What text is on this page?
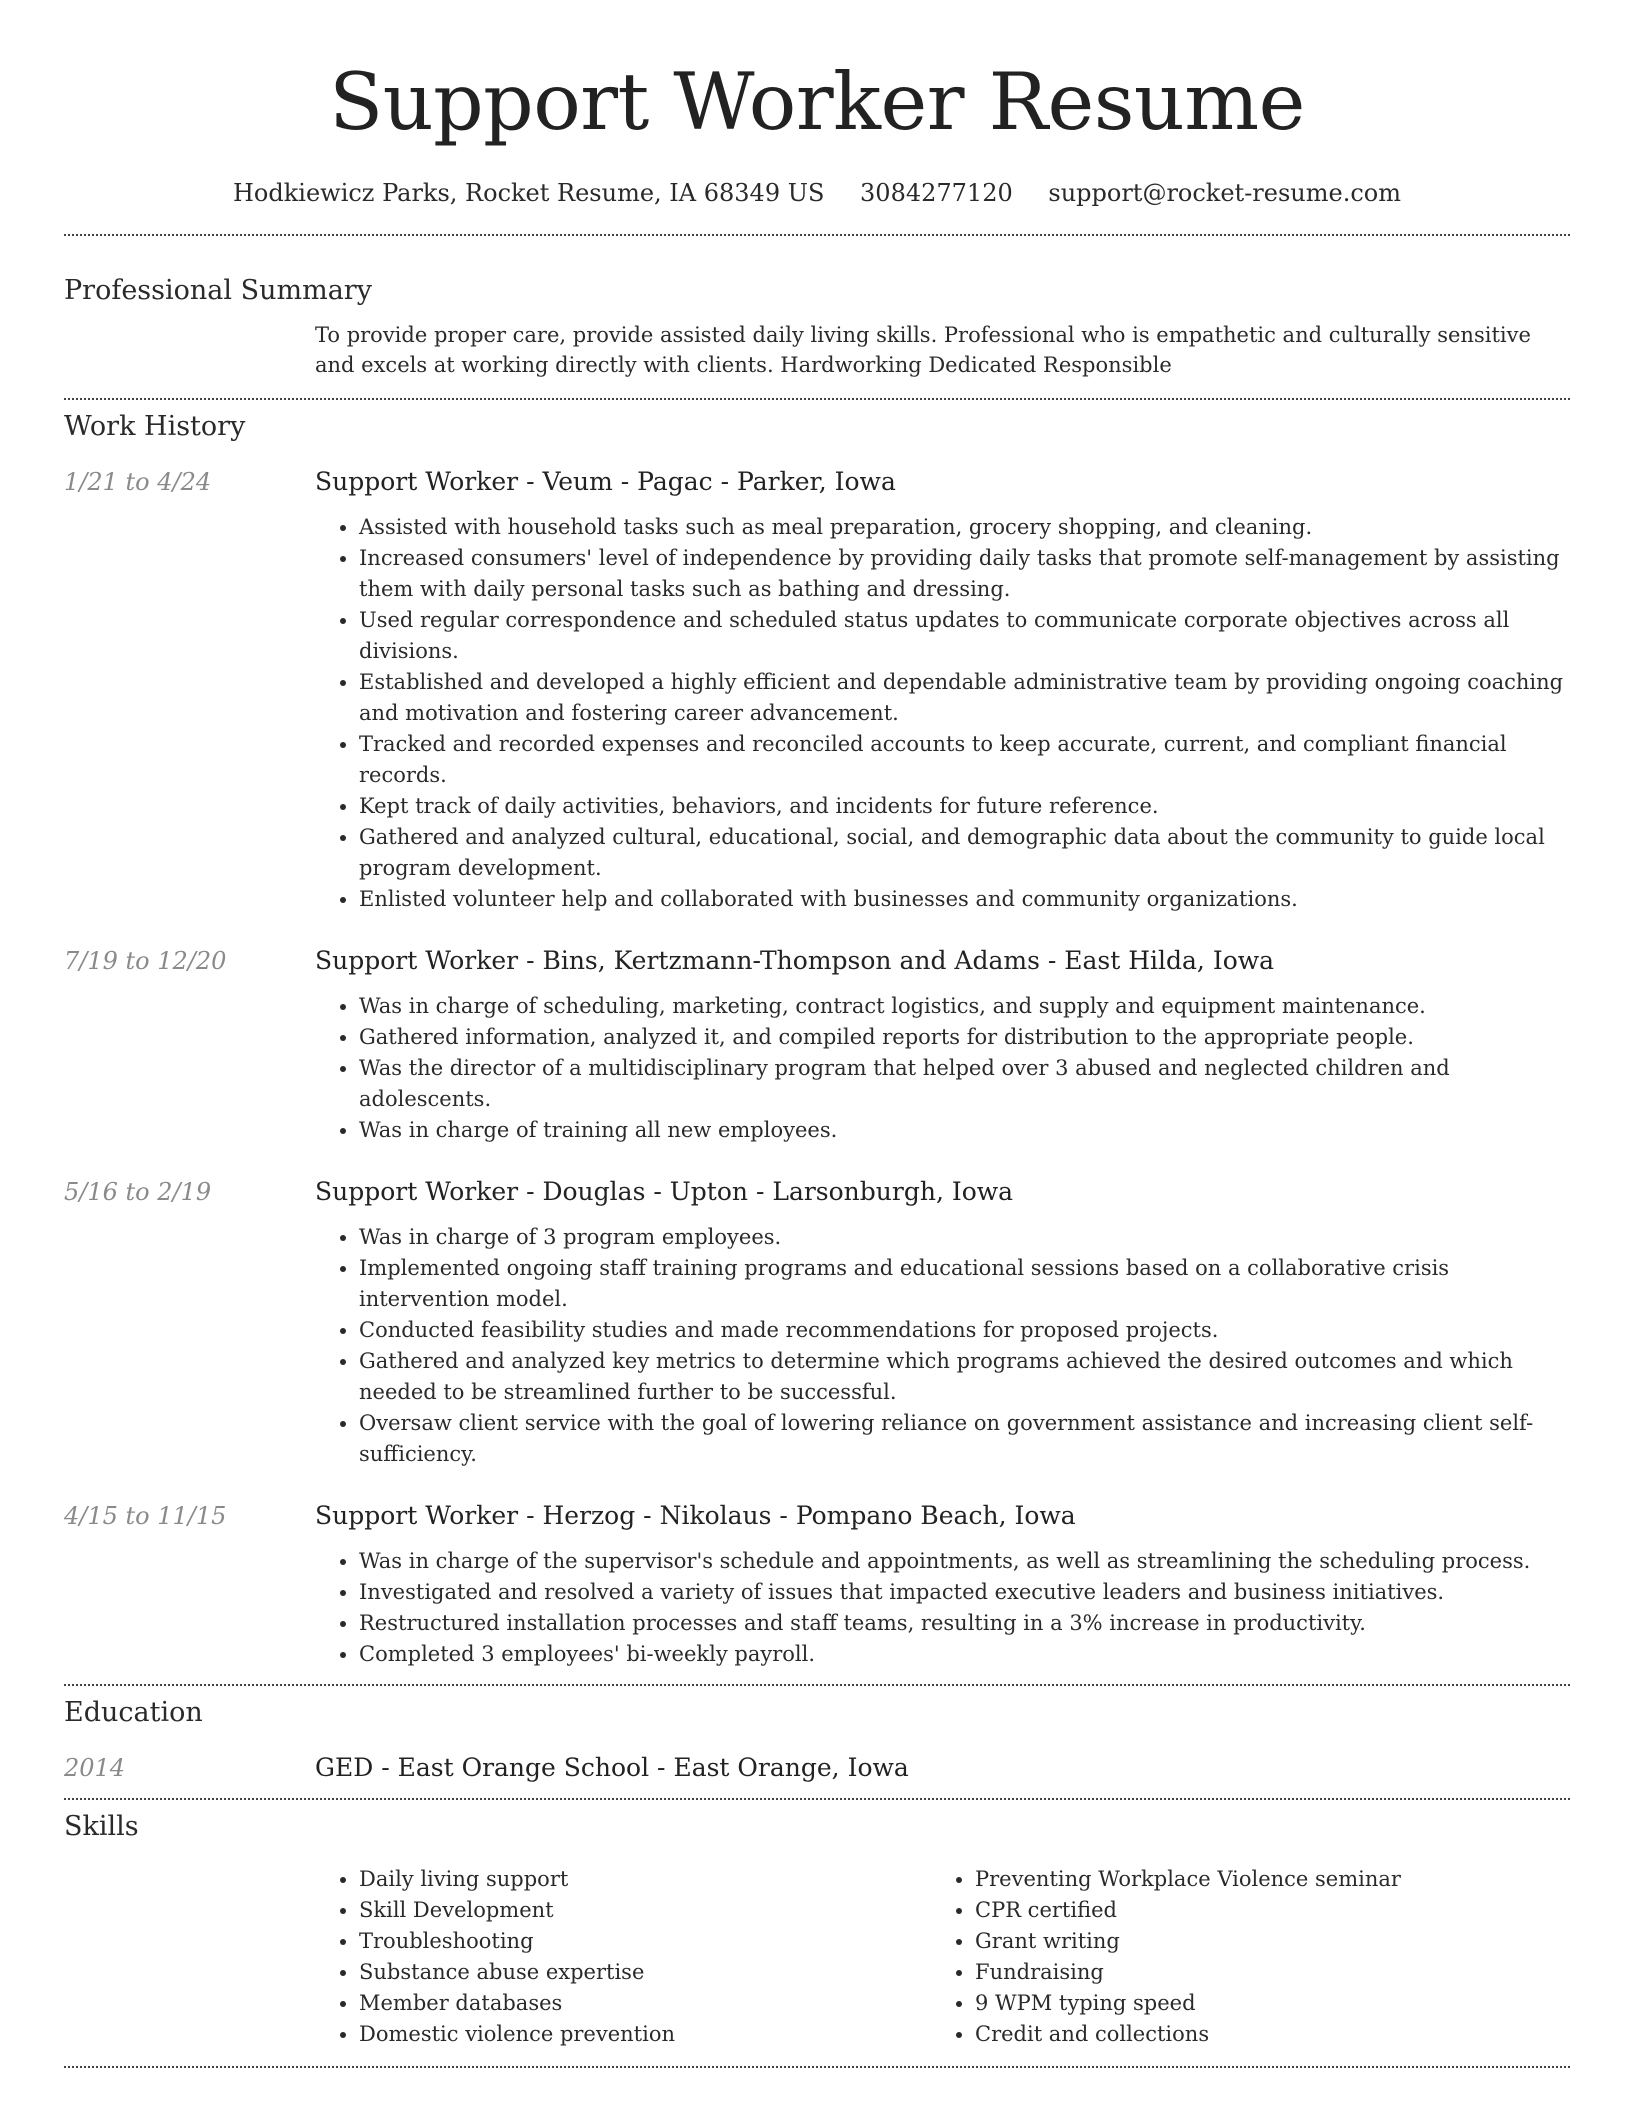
Support Worker Resume
Hodkiewicz Parks, Rocket Resume, IA 68349 US 3084277120 support@rocket-resume.com
Professional Summary
To provide proper care, provide assisted daily living skills. Professional who is empathetic and culturally sensitive and excels at working directly with clients. Hardworking Dedicated Responsible
Work History
1/21 to 4/24	Support Worker - Veum - Pagac - Parker, Iowa
• Assisted with household tasks such as meal preparation, grocery shopping, and cleaning.
• Increased consumers' level of independence by providing daily tasks that promote self-management by assisting them with daily personal tasks such as bathing and dressing.
• Used regular correspondence and scheduled status updates to communicate corporate objectives across all divisions.
• Established and developed a highly efficient and dependable administrative team by providing ongoing coaching and motivation and fostering career advancement.
• Tracked and recorded expenses and reconciled accounts to keep accurate, current, and compliant financial records.
• Kept track of daily activities, behaviors, and incidents for future reference.
• Gathered and analyzed cultural, educational, social, and demographic data about the community to guide local program development.
• Enlisted volunteer help and collaborated with businesses and community organizations.
7/19 to 12/20	Support Worker - Bins, Kertzmann-Thompson and Adams - East Hilda, Iowa
• Was in charge of scheduling, marketing, contract logistics, and supply and equipment maintenance.
• Gathered information, analyzed it, and compiled reports for distribution to the appropriate people.
• Was the director of a multidisciplinary program that helped over 3 abused and neglected children and adolescents.
• Was in charge of training all new employees.
5/16 to 2/19	Support Worker - Douglas - Upton - Larsonburgh, Iowa
• Was in charge of 3 program employees.
• Implemented ongoing staff training programs and educational sessions based on a collaborative crisis intervention model.
• Conducted feasibility studies and made recommendations for proposed projects.
• Gathered and analyzed key metrics to determine which programs achieved the desired outcomes and which needed to be streamlined further to be successful.
• Oversaw client service with the goal of lowering reliance on government assistance and increasing client self-sufficiency.
4/15 to 11/15	Support Worker - Herzog - Nikolaus - Pompano Beach, Iowa
• Was in charge of the supervisor's schedule and appointments, as well as streamlining the scheduling process.
• Investigated and resolved a variety of issues that impacted executive leaders and business initiatives.
• Restructured installation processes and staff teams, resulting in a 3% increase in productivity.
• Completed 3 employees' bi-weekly payroll.
Education
2014	GED - East Orange School - East Orange, Iowa
Skills
• Daily living support
• Skill Development
• Troubleshooting
• Substance abuse expertise
• Member databases
• Domestic violence prevention
• Preventing Workplace Violence seminar
• CPR certified
• Grant writing
• Fundraising
• 9 WPM typing speed
• Credit and collections
